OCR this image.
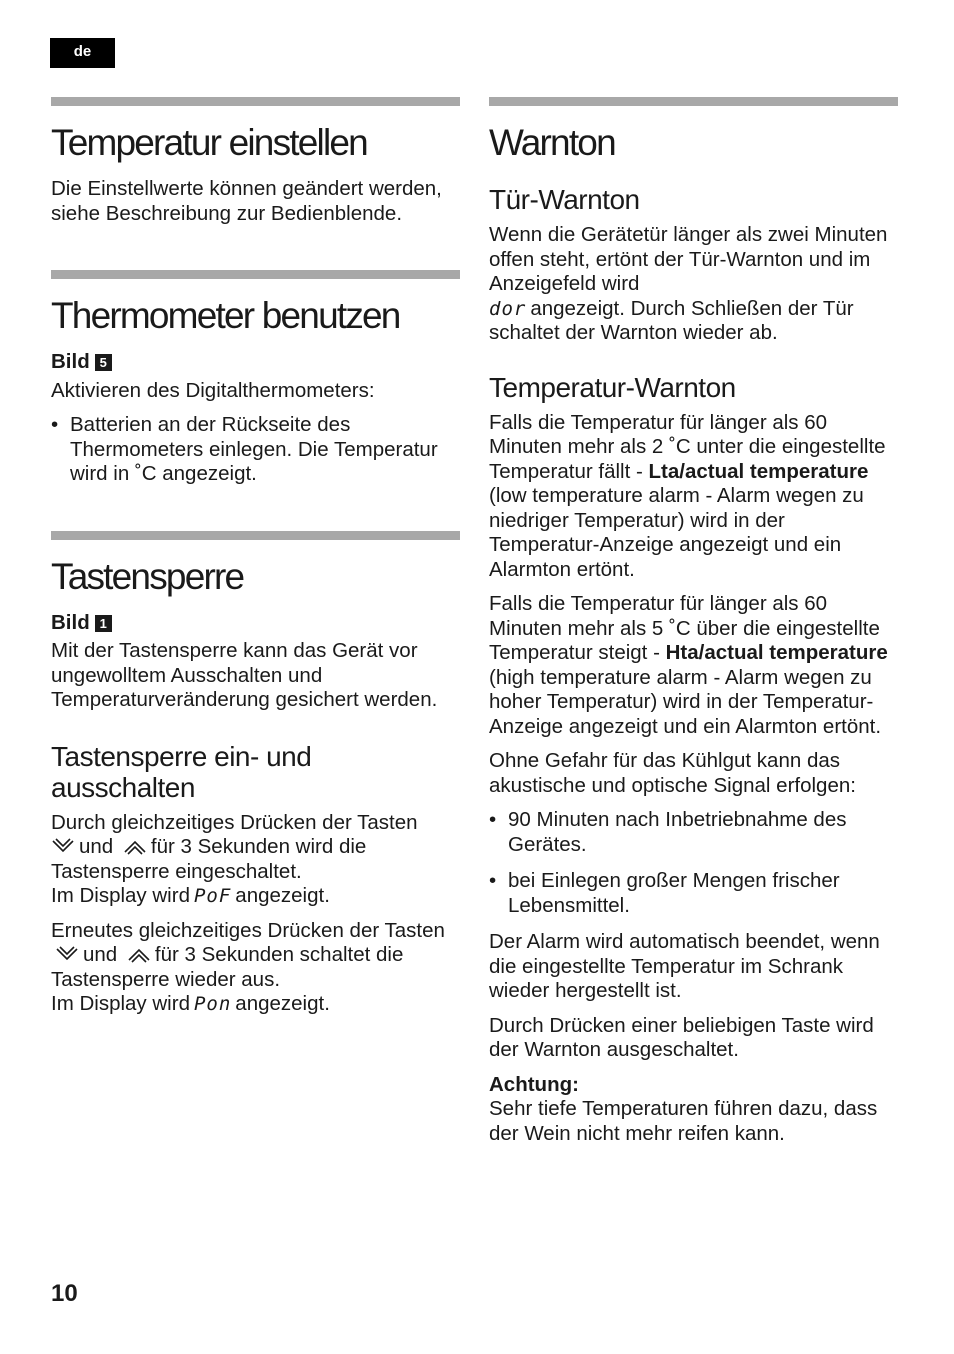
de
Temperatur einstellen

Die Einstellwerte können geändert werden, siehe Beschreibung zur Bedienblende.

Thermometer benutzen

Bild 5

Aktivieren des Digitalthermometers:

• Batterien an der Rückseite des Thermometers einlegen. Die Temperatur wird in ˚C angezeigt.
Tastensperre

Bild 1

Mit der Tastensperre kann das Gerät vor ungewolltem Ausschalten und Temperaturveränderung gesichert werden.

Tastensperre ein- und ausschalten

Durch gleichzeitiges Drücken der Tasten

und für 3 Sekunden wird die Tastensperre eingeschaltet.
Im Display wird PoF angezeigt.

Erneutes gleichzeitiges Drücken der Tasten
und für 3 Sekunden schaltet die Tastensperre wieder aus.
Im Display wird Pon angezeigt.

Warnton
Tür-Warnton

Wenn die Gerätetür länger als zwei Minuten offen steht, ertönt der Tür-Warnton und im Anzeigefeld wird
dor angezeigt. Durch Schließen der Tür schaltet der Warnton wieder ab.

Temperatur-Warnton

Falls die Temperatur für länger als 60 Minuten mehr als 2 ˚C unter die eingestellte Temperatur fällt - Lta/actual temperature (low temperature alarm - Alarm wegen zu niedriger Temperatur) wird in der Temperatur-Anzeige angezeigt und ein Alarmton ertönt.

Falls die Temperatur für länger als 60 Minuten mehr als 5 ˚C über die eingestellte Temperatur steigt - Hta/actual temperature (high temperature alarm - Alarm wegen zu hoher Temperatur) wird in der Temperatur-Anzeige angezeigt und ein Alarmton ertönt.

Ohne Gefahr für das Kühlgut kann das akustische und optische Signal erfolgen:

• 90 Minuten nach Inbetriebnahme des Gerätes.
• bei Einlegen großer Mengen frischer Lebensmittel.

Der Alarm wird automatisch beendet, wenn die eingestellte Temperatur im Schrank wieder hergestellt ist.

Durch Drücken einer beliebigen Taste wird der Warnton ausgeschaltet.

Achtung:
Sehr tiefe Temperaturen führen dazu, dass der Wein nicht mehr reifen kann.

10
